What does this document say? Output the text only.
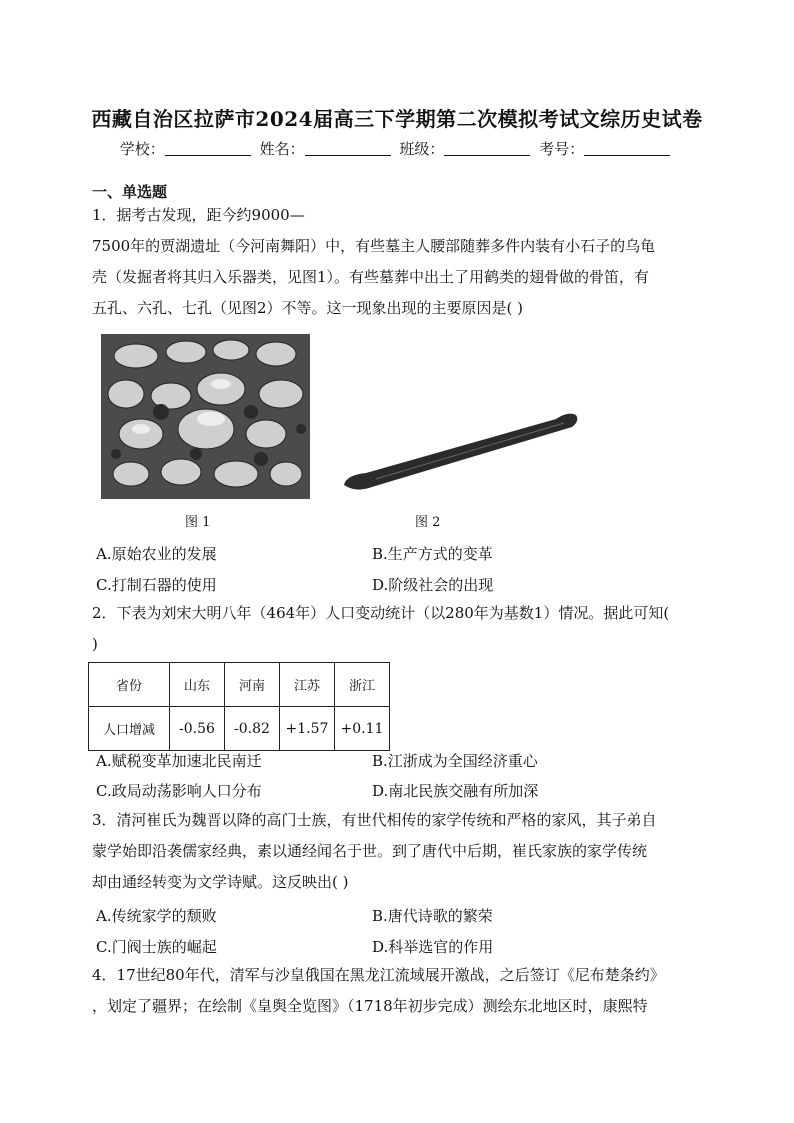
西藏自治区拉萨市2024届高三下学期第二次模拟考试文综历史试卷
学校：	姓名：	班级：	考号：
一、单选题
1．据考古发现，距今约9000—
7500年的贾湖遗址（今河南舞阳）中，有些墓主人腰部随葬多件内装有小石子的乌龟
壳（发掘者将其归入乐器类，见图1）。有些墓葬中出土了用鹤类的翅骨做的骨笛，有
五孔、六孔、七孔（见图2）不等。这一现象出现的主要原因是( )
图 1	图 2
A.原始农业的发展	B.生产方式的变革
C.打制石器的使用	D.阶级社会的出现
2．下表为刘宋大明八年（464年）人口变动统计（以280年为基数1）情况。据此可知(
)
省份	山东	河南	江苏	浙江
人口增减	-0.56	-0.82	+1.57	+0.11
A.赋税变革加速北民南迁	B.江浙成为全国经济重心
C.政局动荡影响人口分布	D.南北民族交融有所加深
3．清河崔氏为魏晋以降的高门士族，有世代相传的家学传统和严格的家风，其子弟自
蒙学始即沿袭儒家经典，素以通经闻名于世。到了唐代中后期，崔氏家族的家学传统
却由通经转变为文学诗赋。这反映出( )
A.传统家学的颓败	B.唐代诗歌的繁荣
C.门阀士族的崛起	D.科举选官的作用
4．17世纪80年代，清军与沙皇俄国在黑龙江流域展开激战，之后签订《尼布楚条约》
，划定了疆界；在绘制《皇舆全览图》（1718年初步完成）测绘东北地区时，康熙特
